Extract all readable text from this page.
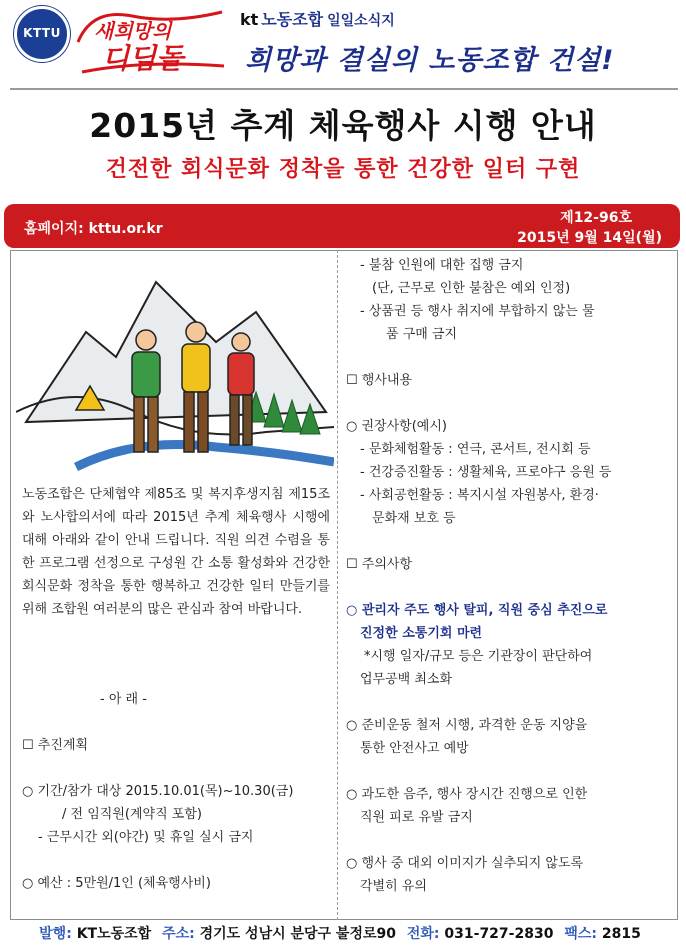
KTTU	새희망의
디딤돌
kt 노동조합 일일소식지
희망과 결실의 노동조합 건설!
2015년 추계 체육행사 시행 안내
건전한 회식문화 정착을 통한 건강한 일터 구현
홈페이지: kttu.or.kr
제12-96호
2015년 9월 14일(월)
노동조합은 단체협약 제85조 및 복지후생지침 제15조와 노사합의서에 따라 2015년 추계 체육행사 시행에 대해 아래와 같이 안내 드립니다. 직원 의견 수렴을 통한 프로그램 선정으로 구성원 간 소통 활성화와 건강한 회식문화 정착을 통한 행복하고 건강한 일터 만들기를 위해 조합원 여러분의 많은 관심과 참여 바랍니다.
- 아 래 -
☐ 추진계획
○ 기간/참가 대상 2015.10.01(목)~10.30(금)
/ 전 임직원(계약직 포함)
- 근무시간 외(야간) 및 휴일 실시 금지
○ 예산 : 5만원/1인 (체육행사비)
- 불참 인원에 대한 집행 금지
(단, 근무로 인한 불참은 예외 인정)
- 상품권 등 행사 취지에 부합하지 않는 물
품 구매 금지
☐ 행사내용
○ 권장사항(예시)
- 문화체험활동 : 연극, 콘서트, 전시회 등
- 건강증진활동 : 생활체육, 프로야구 응원 등
- 사회공헌활동 : 복지시설 자원봉사, 환경·
문화재 보호 등
☐ 주의사항
○ 관리자 주도 행사 탈피, 직원 중심 추진으로
진정한 소통기회 마련
*시행 일자/규모 등은 기관장이 판단하여
업무공백 최소화
○ 준비운동 철저 시행, 과격한 운동 지양을
통한 안전사고 예방
○ 과도한 음주, 행사 장시간 진행으로 인한
직원 피로 유발 금지
○ 행사 중 대외 이미지가 실추되지 않도록
각별히 유의
발행: KT노동조합 주소: 경기도 성남시 분당구 불정로90 전화: 031-727-2830 팩스: 2815
